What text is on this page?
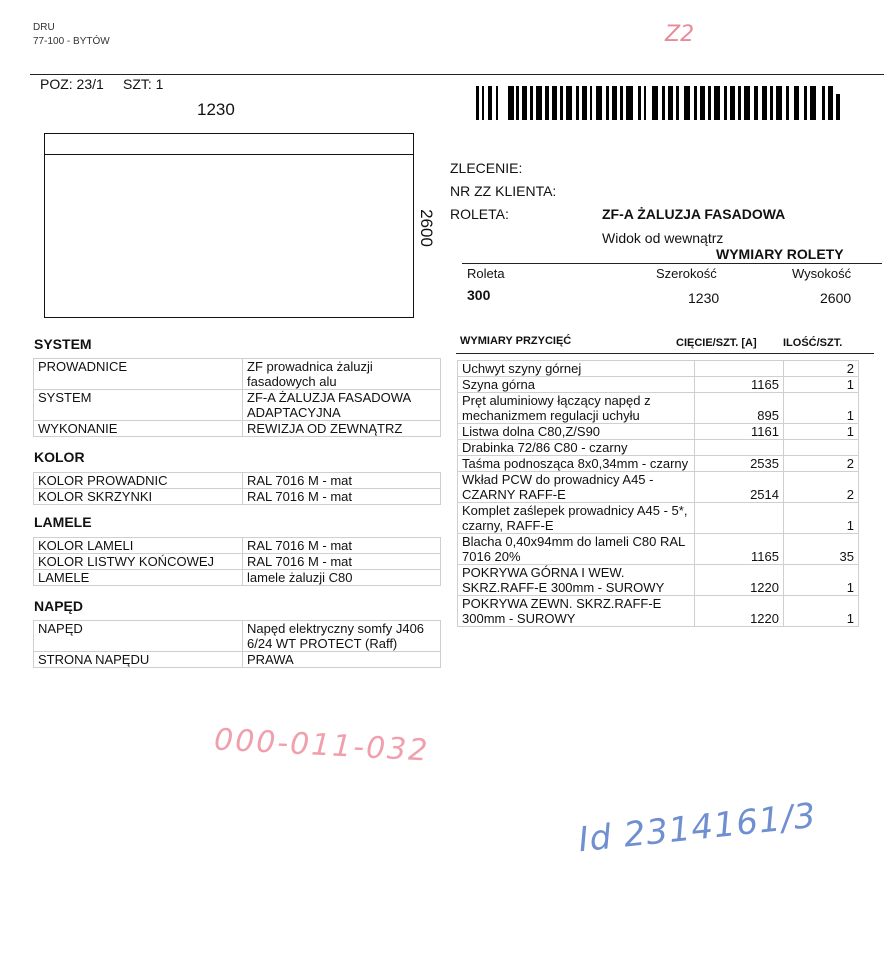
DRU
77-100 - BYTÓW	Z2
POZ: 23/1 SZT: 1
1230
2600
ZLECENIE:
NR ZZ KLIENTA:
ROLETA:	ZF-A ŻALUZJA FASADOWA
Widok od wewnątrz
WYMIARY ROLETY
Roleta	Szerokość	Wysokość
300	1230	2600
SYSTEM
PROWADNICE	ZF prowadnica żaluzji fasadowych alu
SYSTEM	ZF-A ŻALUZJA FASADOWA ADAPTACYJNA
WYKONANIE	REWIZJA OD ZEWNĄTRZ
KOLOR
KOLOR PROWADNIC	RAL 7016 M - mat
KOLOR SKRZYNKI	RAL 7016 M - mat
LAMELE
KOLOR LAMELI	RAL 7016 M - mat
KOLOR LISTWY KOŃCOWEJ	RAL 7016 M - mat
LAMELE	lamele żaluzji C80
NAPĘD
NAPĘD	Napęd elektryczny somfy J406 6/24 WT PROTECT (Raff)
STRONA NAPĘDU	PRAWA
WYMIARY PRZYCIĘĆ	CIĘCIE/SZT. [A] ILOŚĆ/SZT.
Uchwyt szyny górnej		2
Szyna górna	1165	1
Pręt aluminiowy łączący napęd z mechanizmem regulacji uchyłu	895	1
Listwa dolna C80,Z/S90	1161	1
Drabinka 72/86 C80 - czarny		
Taśma podnosząca 8x0,34mm - czarny	2535	2
Wkład PCW do prowadnicy A45 - CZARNY RAFF-E	2514	2
Komplet zaślepek prowadnicy A45 - 5*, czarny, RAFF-E		1
Blacha 0,40x94mm do lameli C80 RAL 7016 20%	1165	35
POKRYWA GÓRNA I WEW. SKRZ.RAFF-E 300mm - SUROWY	1220	1
POKRYWA ZEWN. SKRZ.RAFF-E 300mm - SUROWY	1220	1
000-011-032
Id 2314161/3
